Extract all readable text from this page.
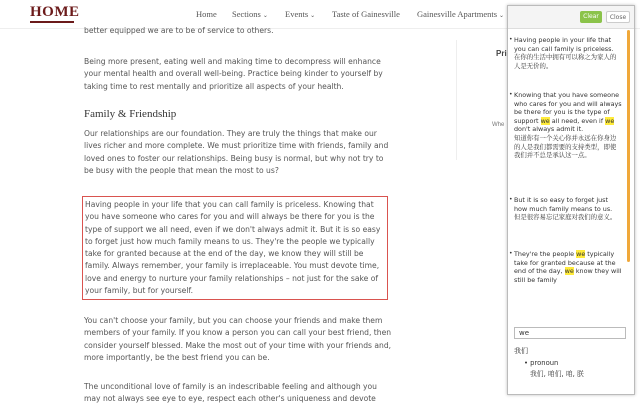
HOME	Home Sections ⌄ Events ⌄ Taste of Gainesville Gainesville Apartments ⌄

better equipped we are to be of service to others.

Being more present, eating well and making time to decompress will enhance your mental health and overall well-being. Practice being kinder to yourself by taking time to rest mentally and prioritize all aspects of your health.

Family & Friendship

Our relationships are our foundation. They are truly the things that make our lives richer and more complete. We must prioritize time with friends, family and loved ones to foster our relationships. Being busy is normal, but why not try to be busy with the people that mean the most to us?

Having people in your life that you can call family is priceless. Knowing that you have someone who cares for you and will always be there for you is the type of support we all need, even if we don't always admit it. But it is so easy to forget just how much family means to us. They're the people we typically take for granted because at the end of the day, we know they will still be family. Always remember, your family is irreplaceable. You must devote time, love and energy to nurture your family relationships – not just for the sake of your family, but for yourself.

You can't choose your family, but you can choose your friends and make them members of your family. If you know a person you can call your best friend, then consider yourself blessed. Make the most out of your time with your friends and, more importantly, be the best friend you can be.

The unconditional love of family is an indescribable feeling and although you may not always see eye to eye, respect each other's uniqueness and devote

Pri
Whe
Clear	Close
• Having people in your life that you can call family is priceless.
在你的生活中拥有可以称之为家人的人是无价的。
• Knowing that you have someone who cares for you and will always be there for you is the type of support we all need, even if we don't always admit it.
知道你有一个关心你并永远在你身边的人是我们都需要的支持类型，即使我们并不总是承认这一点。
• But it is so easy to forget just how much family means to us.
但是很容易忘记家庭对我们的意义。
• They're the people we typically take for granted because at the end of the day, we know they will still be family
we
我们
• pronoun
我们, 咱们, 咱, 朕
